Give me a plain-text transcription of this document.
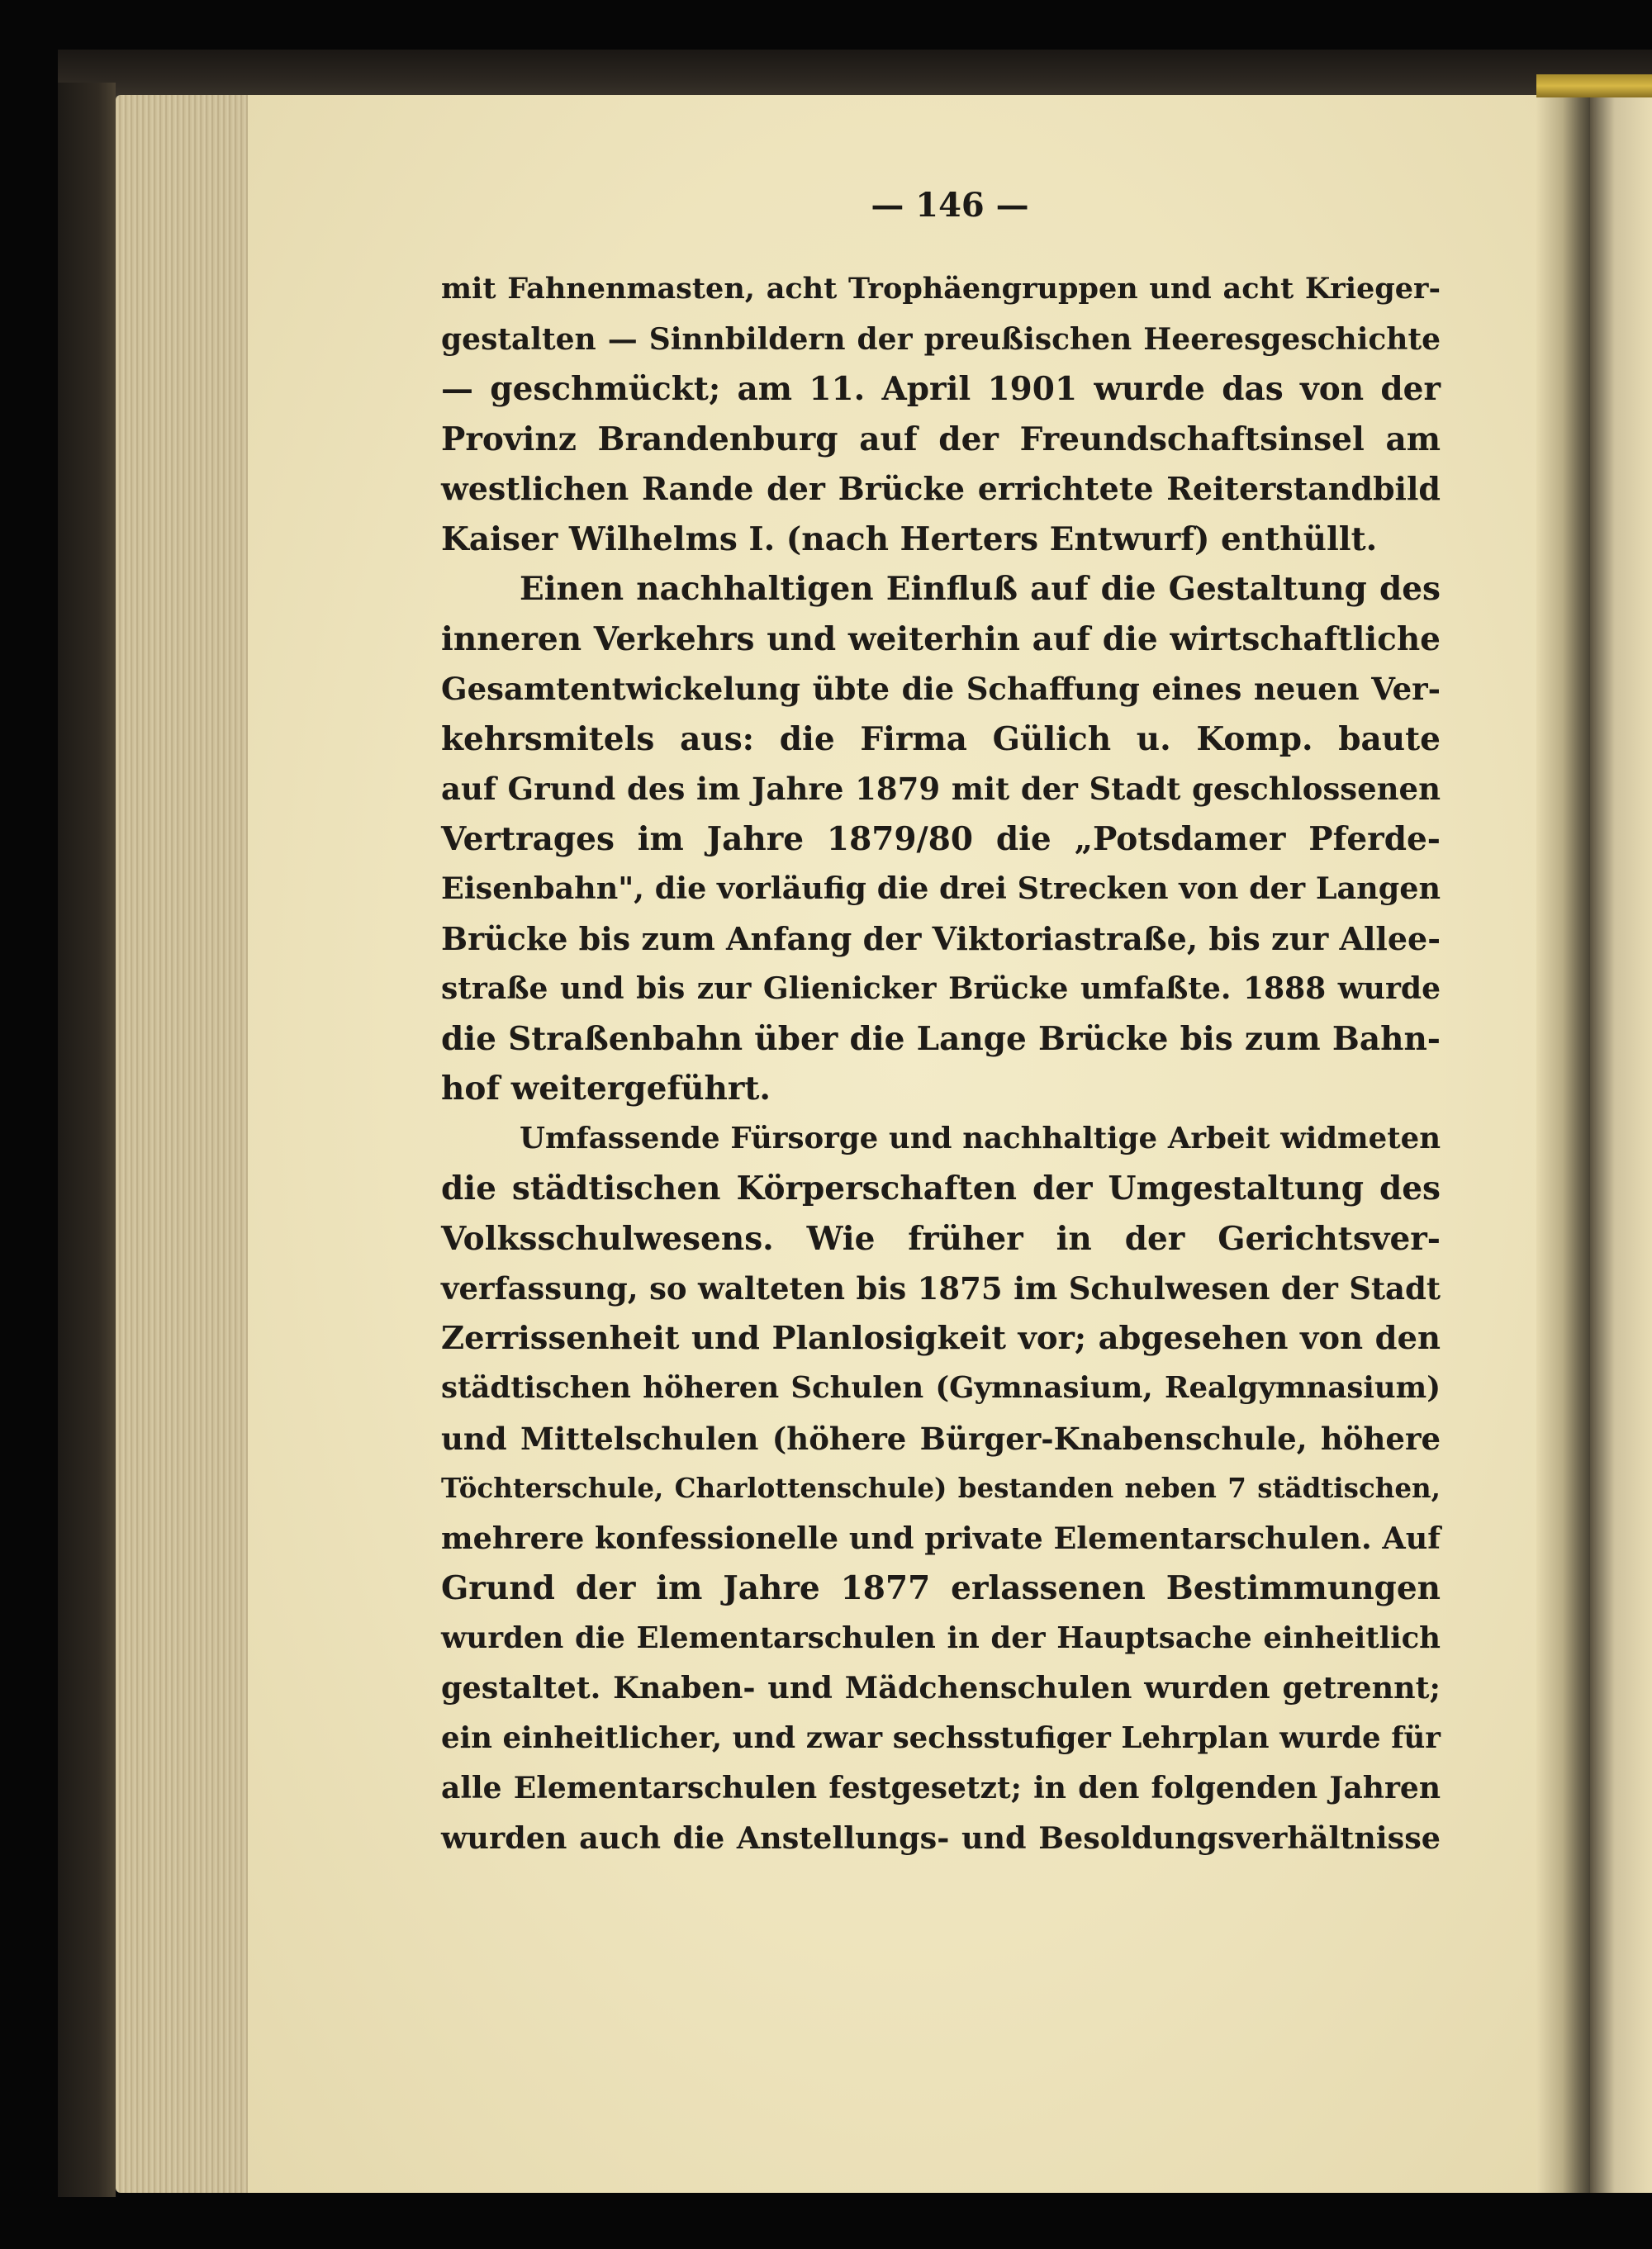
— 146 —
mit Fahnenmasten, acht Trophäengruppen und acht Krieger-
gestalten — Sinnbildern der preußischen Heeresgeschichte
— geschmückt; am 11. April 1901 wurde das von der
Provinz Brandenburg auf der Freundschaftsinsel am
westlichen Rande der Brücke errichtete Reiterstandbild
Kaiser Wilhelms I. (nach Herters Entwurf) enthüllt.
Einen nachhaltigen Einfluß auf die Gestaltung des
inneren Verkehrs und weiterhin auf die wirtschaftliche
Gesamtentwickelung übte die Schaffung eines neuen Ver-
kehrsmitels aus: die Firma Gülich u. Komp. baute
auf Grund des im Jahre 1879 mit der Stadt geschlossenen
Vertrages im Jahre 1879/80 die „Potsdamer Pferde-
Eisenbahn", die vorläufig die drei Strecken von der Langen
Brücke bis zum Anfang der Viktoriastraße, bis zur Allee-
straße und bis zur Glienicker Brücke umfaßte. 1888 wurde
die Straßenbahn über die Lange Brücke bis zum Bahn-
hof weitergeführt.
Umfassende Fürsorge und nachhaltige Arbeit widmeten
die städtischen Körperschaften der Umgestaltung des
Volksschulwesens. Wie früher in der Gerichtsver-
verfassung, so walteten bis 1875 im Schulwesen der Stadt
Zerrissenheit und Planlosigkeit vor; abgesehen von den
städtischen höheren Schulen (Gymnasium, Realgymnasium)
und Mittelschulen (höhere Bürger-Knabenschule, höhere
Töchterschule, Charlottenschule) bestanden neben 7 städtischen,
mehrere konfessionelle und private Elementarschulen. Auf
Grund der im Jahre 1877 erlassenen Bestimmungen
wurden die Elementarschulen in der Hauptsache einheitlich
gestaltet. Knaben- und Mädchenschulen wurden getrennt;
ein einheitlicher, und zwar sechsstufiger Lehrplan wurde für
alle Elementarschulen festgesetzt; in den folgenden Jahren
wurden auch die Anstellungs- und Besoldungsverhältnisse
